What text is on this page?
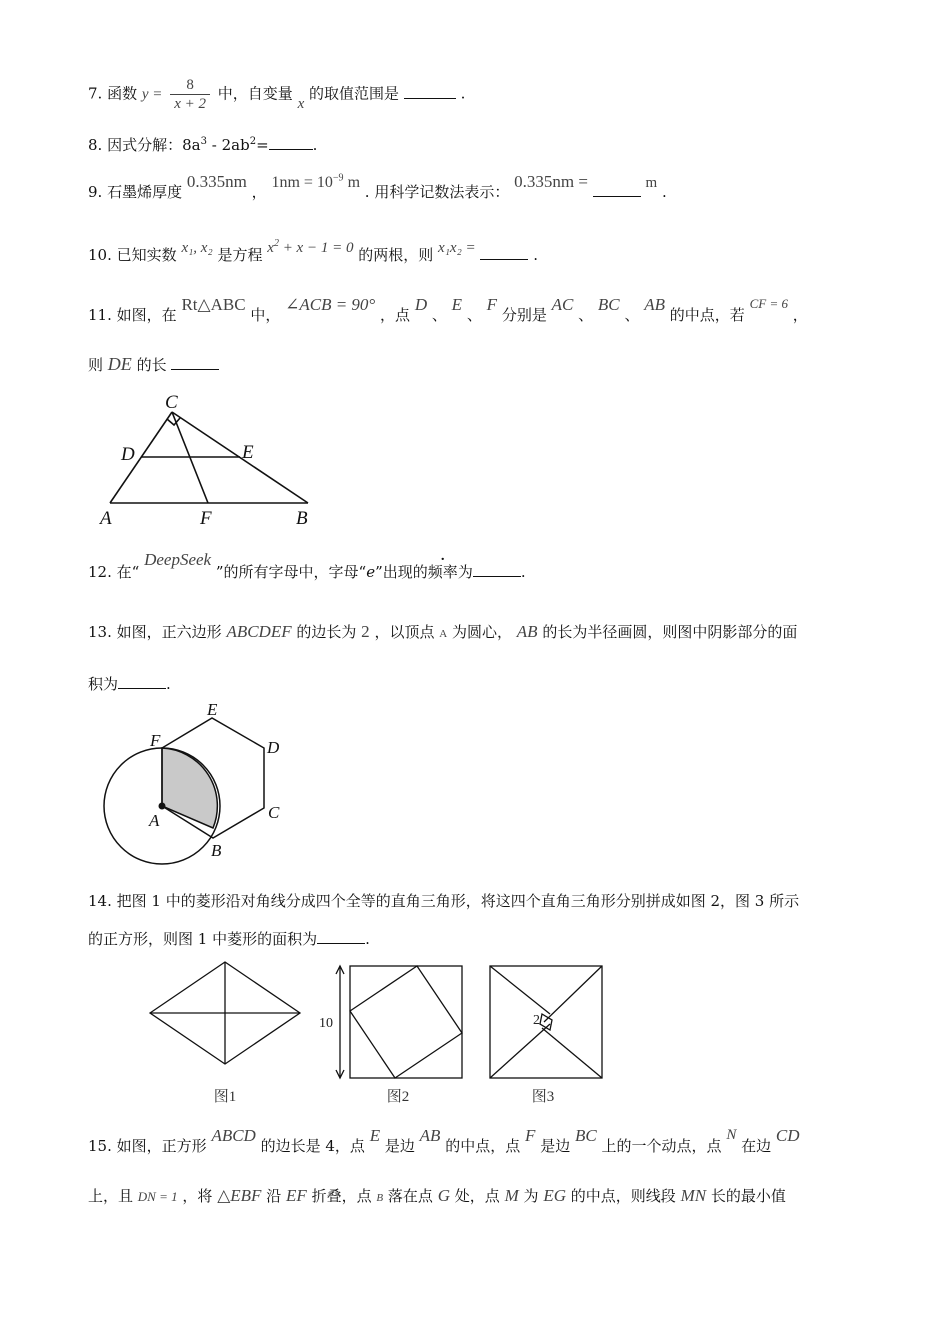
7. 函数 $y = \frac{8}{x + 2}$ 中，自变量 x 的取值范围是	.
8. 因式分解：$8a^3 - 2ab^2=$	.
9. 石墨烯厚度 0.335nm ， $1nm = 10^{-9}$ m . 用科学记数法表示： 0.335nm =	m .
10. 已知实数 x₁, x₂ 是方程 $x^2 + x - 1 = 0$ 的两根，则 x₁x₂ =	.
11. 如图，在 Rt△ABC 中， ∠ACB = 90° ，点 D 、 E 、 F 分别是 AC 、 BC 、 AB 的中点，若 CF = 6 ，
则 DE 的长
C
D	E
A	F	B
12. 在“ DeepSeek ”的所有字母中，字母“e”出现的频率为	.
13. 如图，正六边形 ABCDEF 的边长为 2 ，以顶点 A 为圆心， AB 的长为半径画圆，则图中阴影部分的面
积为	.
E
F	D
A	C
B
14. 把图 1 中的菱形沿对角线分成四个全等的直角三角形，将这四个直角三角形分别拼成如图 2，图 3 所示
的正方形，则图 1 中菱形的面积为	.
10	2
图1	图2	图3
15. 如图，正方形 ABCD 的边长是 4，点 E 是边 AB 的中点，点 F 是边 BC 上的一个动点，点 N 在边 CD
上，且 DN = 1 ，将 △EBF 沿 EF 折叠，点 B 落在点 G 处，点 M 为 EG 的中点，则线段 MN 长的最小值
